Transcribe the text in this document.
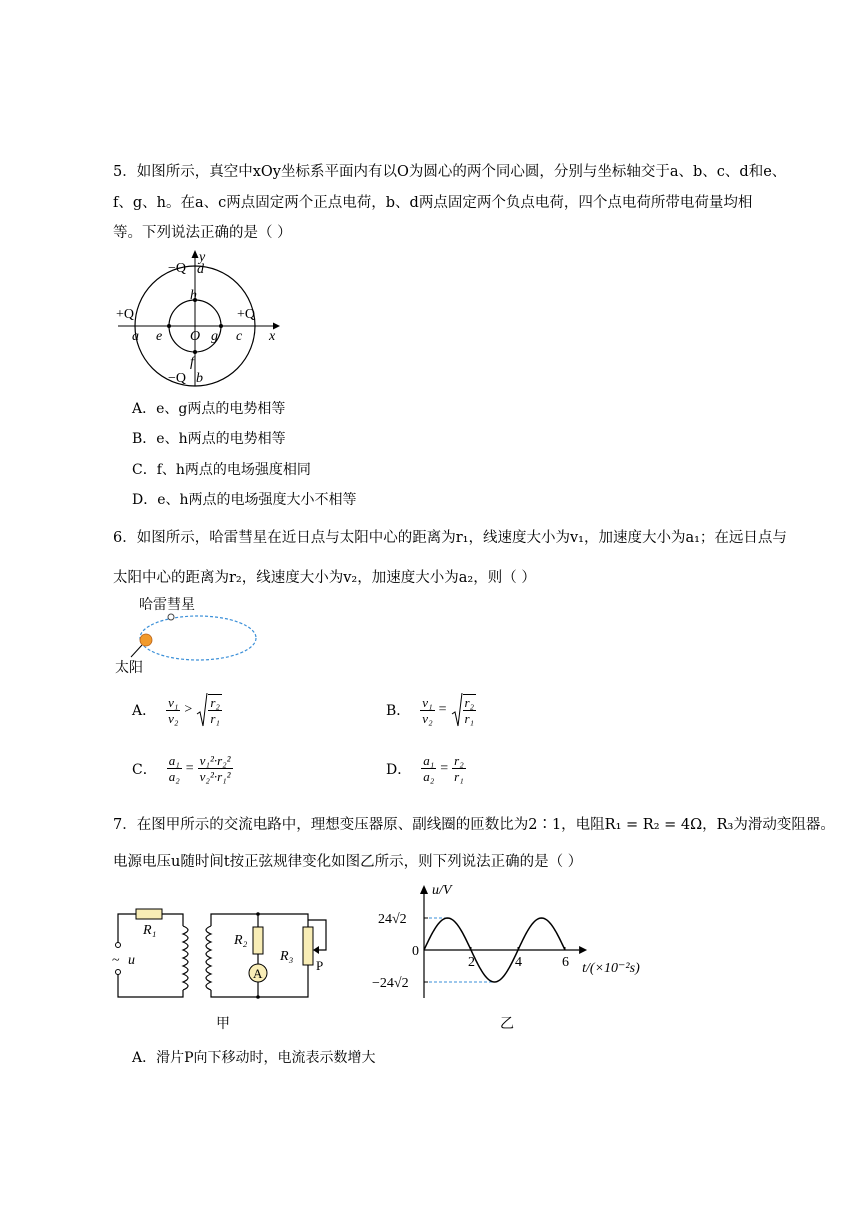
5．如图所示，真空中xOy坐标系平面内有以O为圆心的两个同心圆，分别与坐标轴交于a、b、c、d和e、
f、g、h。在a、c两点固定两个正点电荷，b、d两点固定两个负点电荷，四个点电荷所带电荷量均相
等。下列说法正确的是（ ）
y
−Q d
h
+Q	+Q
a e O g c x
f
−Q b
A．e、g两点的电势相等
B．e、h两点的电势相等
C．f、h两点的电场强度相同
D．e、h两点的电场强度大小不相等
6．如图所示，哈雷彗星在近日点与太阳中心的距离为r₁，线速度大小为v₁，加速度大小为a₁；在远日点与
太阳中心的距离为r₂，线速度大小为v₂，加速度大小为a₂，则（ ）
哈雷彗星
太阳
A． $\frac{\text{v₁}}{\text{v₂}} > \frac{\text{r₂}}{\text{r₁}}$	B． $\frac{\text{v₁}}{\text{v₂}} = \frac{\text{r₂}}{\text{r₁}}$
C． $\frac{\text{a₁}}{\text{a₂}} = \frac{\text{v₁²·r₂²}}{\text{v₂²·r₁²}}$	D． $\frac{\text{a₁}}{\text{a₂}} = \frac{\text{r₂}}{\text{r₁}}$
7．在图甲所示的交流电路中，理想变压器原、副线圈的匝数比为2∶1，电阻R₁ = R₂ = 4Ω，R₃为滑动变阻器。
电源电压u随时间t按正弦规律变化如图乙所示，则下列说法正确的是（ ）
R₁
~ u
A
R₂
R₃
P
甲
2	4	6
24√2
0
−24√2
u/V
t/(×10⁻²s)
乙
A．滑片P向下移动时，电流表示数增大
